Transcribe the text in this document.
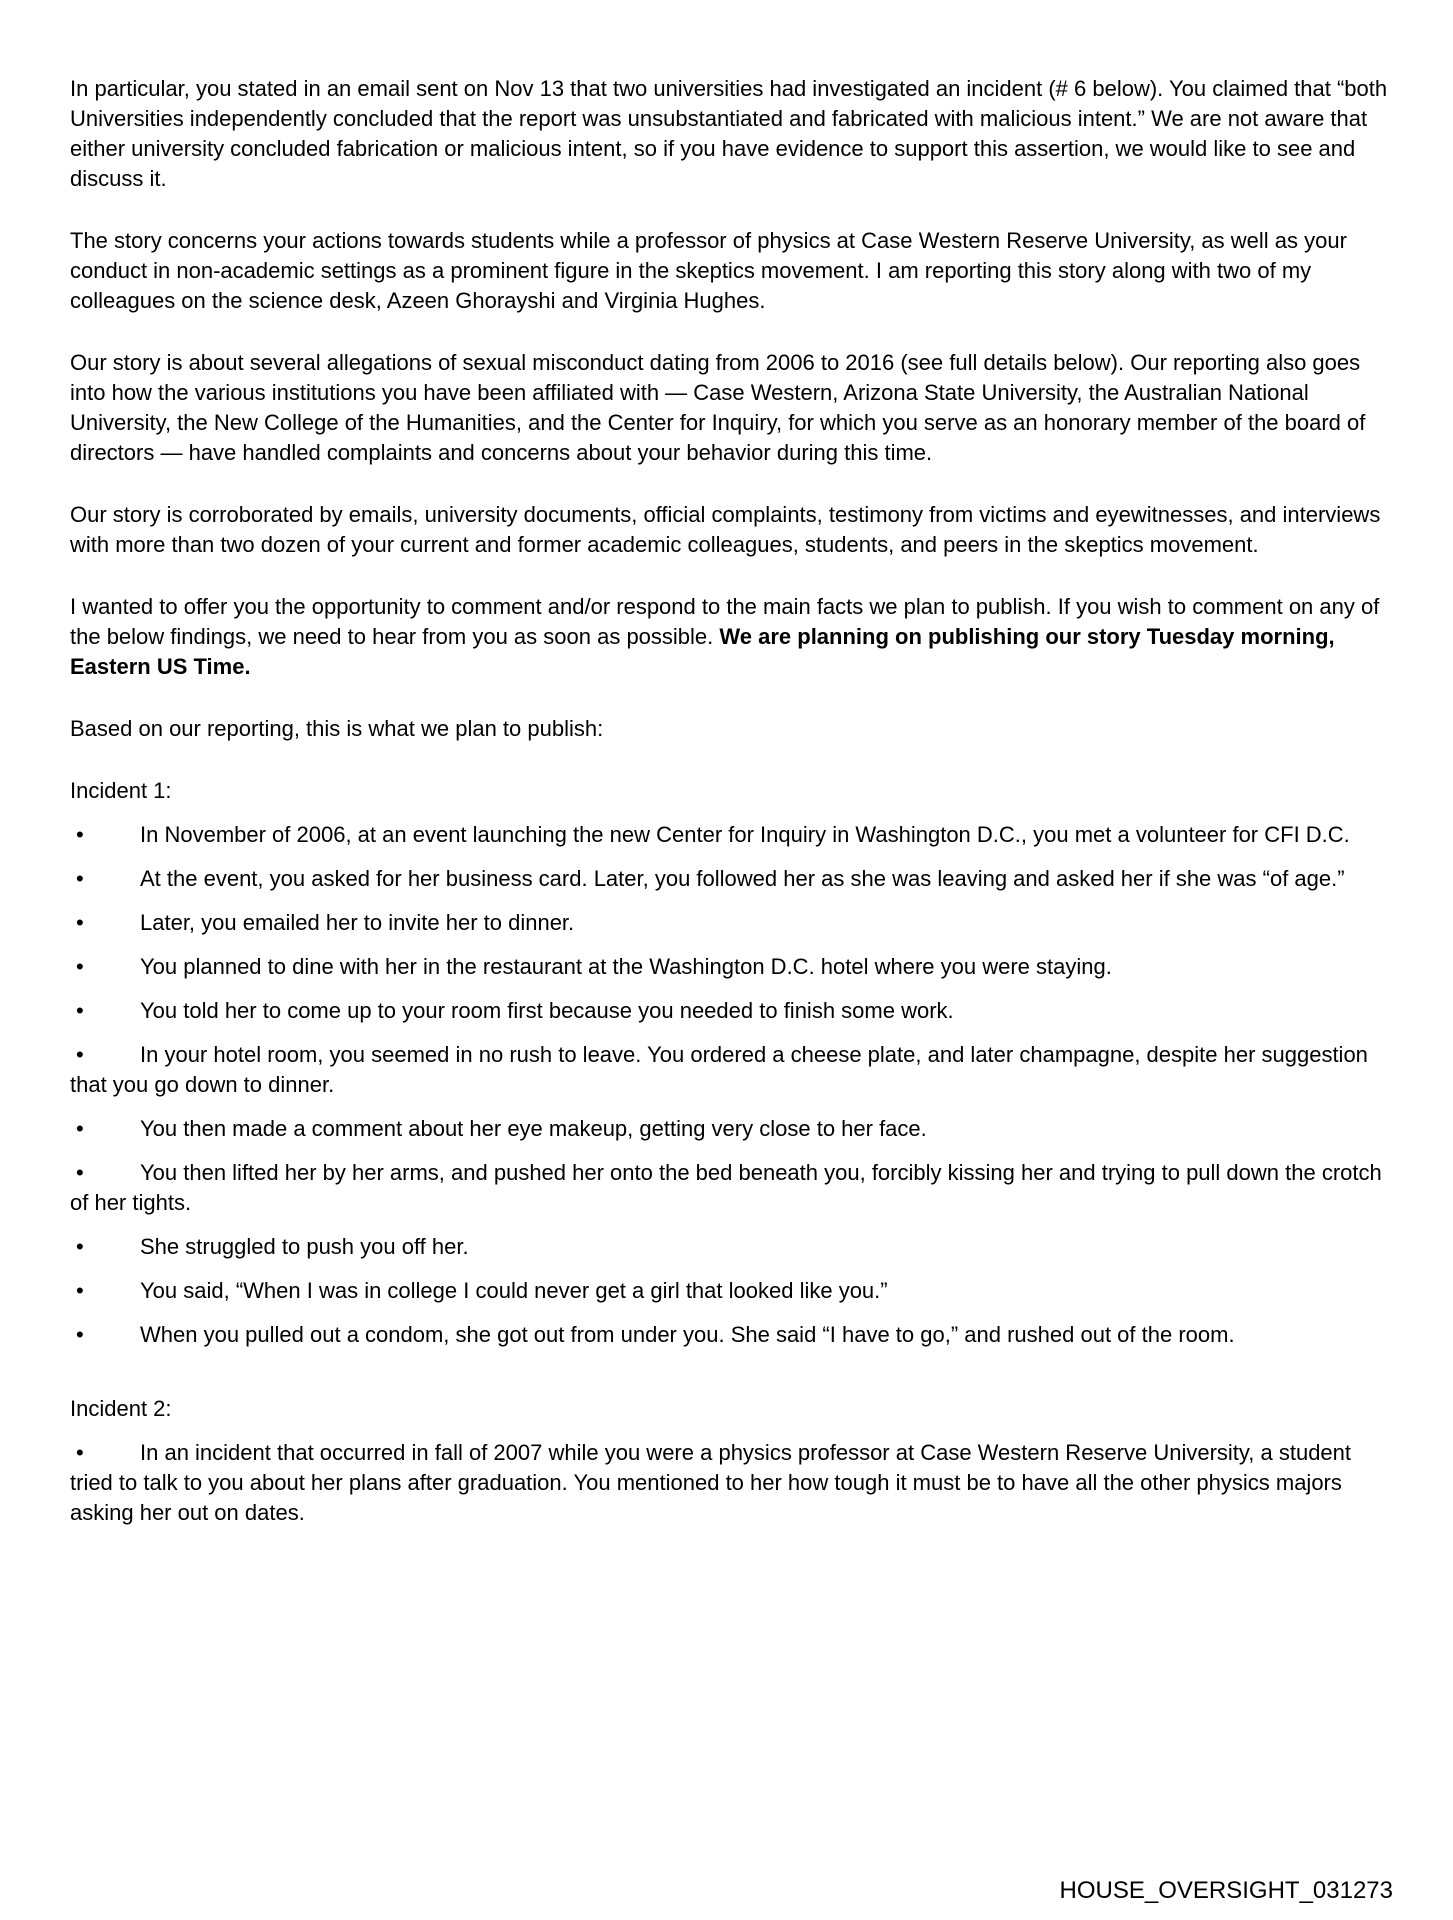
In particular, you stated in an email sent on Nov 13 that two universities had investigated an incident (# 6 below). You claimed that “both Universities independently concluded that the report was unsubstantiated and fabricated with malicious intent.” We are not aware that either university concluded fabrication or malicious intent, so if you have evidence to support this assertion, we would like to see and discuss it.

The story concerns your actions towards students while a professor of physics at Case Western Reserve University, as well as your conduct in non-academic settings as a prominent figure in the skeptics movement. I am reporting this story along with two of my colleagues on the science desk, Azeen Ghorayshi and Virginia Hughes.

Our story is about several allegations of sexual misconduct dating from 2006 to 2016 (see full details below). Our reporting also goes into how the various institutions you have been affiliated with — Case Western, Arizona State University, the Australian National University, the New College of the Humanities, and the Center for Inquiry, for which you serve as an honorary member of the board of directors — have handled complaints and concerns about your behavior during this time.

Our story is corroborated by emails, university documents, official complaints, testimony from victims and eyewitnesses, and interviews with more than two dozen of your current and former academic colleagues, students, and peers in the skeptics movement.

I wanted to offer you the opportunity to comment and/or respond to the main facts we plan to publish. If you wish to comment on any of the below findings, we need to hear from you as soon as possible. We are planning on publishing our story Tuesday morning, Eastern US Time.

Based on our reporting, this is what we plan to publish:

Incident 1:

•	In November of 2006, at an event launching the new Center for Inquiry in Washington D.C., you met a volunteer for CFI D.C.

•	At the event, you asked for her business card. Later, you followed her as she was leaving and asked her if she was “of age.”

•	Later, you emailed her to invite her to dinner.

•	You planned to dine with her in the restaurant at the Washington D.C. hotel where you were staying.

•	You told her to come up to your room first because you needed to finish some work.

•	In your hotel room, you seemed in no rush to leave. You ordered a cheese plate, and later champagne, despite her suggestion that you go down to dinner.

•	You then made a comment about her eye makeup, getting very close to her face.

•	You then lifted her by her arms, and pushed her onto the bed beneath you, forcibly kissing her and trying to pull down the crotch of her tights.

•	She struggled to push you off her.

•	You said, “When I was in college I could never get a girl that looked like you.”

•	When you pulled out a condom, she got out from under you. She said “I have to go,” and rushed out of the room.

Incident 2:

•	In an incident that occurred in fall of 2007 while you were a physics professor at Case Western Reserve University, a student tried to talk to you about her plans after graduation. You mentioned to her how tough it must be to have all the other physics majors asking her out on dates.

HOUSE_OVERSIGHT_031273
